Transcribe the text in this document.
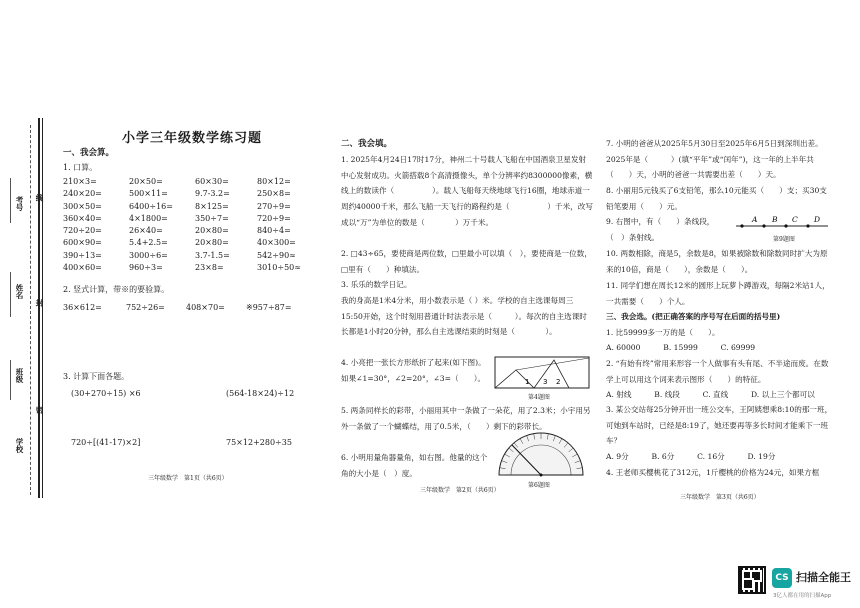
考号 线
姓名
封
班级
密
学校
小学三年级数学练习题
一、我会算。
1. 口算。
210×3=	20×50=	60×30=	80×12=
240×20=	500×11=	9.7-3.2=	250×8=
300×50=	6400÷16=	8×125=	270÷9=
360×40=	4×1800=	350÷7=	720÷9=
720÷20=	26×40=	20×80=	840÷4=
600×90=	5.4+2.5=	20×80=	40×300=
390÷13=	3000÷6=	3.7-1.5=	542÷90≈
400×60=	960÷3=	23×8=	3010÷50≈
2. 竖式计算，带※的要验算。
36×612=	752÷26=	408×70=	※957÷87=
3. 计算下面各题。
(30+270÷15) ×6	(564-18×24)÷12
720÷[(41-17)×2]	75×12+280÷35
三年级数学　第1页（共6页）
二、我会填。

1. 2025年4月24日17时17分，神州二十号载人飞船在中国酒泉卫星发射中心发射成功。火箭搭载8个高清摄像头，单个分辨率约8300000像素，横线上的数读作（　　　　　）。载人飞船每天绕地球飞行16圈，地球赤道一周约40000千米，那么飞船一天飞行的路程约是（　　　　　）千米，改写成以“万”为单位的数是（　　　　）万千米。

2. □43÷65，要使商是两位数，□里最小可以填（　），要使商是一位数，□里有（　　）种填法。

3. 乐乐的数学日记。

我的身高是1米4分米，用小数表示是（ ）米。学校的自主选课每周三15:50开始，这个时刻用普通计时法表示是（　　　）。每次的自主选课时长都是1小时20分钟，那么自主选课结束的时刻是（　　　　）。

4. 小亮把一张长方形纸折了起来(如下图)。如果∠1=30°，∠2=20°，∠3=（　　）。

5. 两条同样长的彩带，小丽用其中一条做了一朵花，用了2.3米；小宇用另外一条做了一个蝴蝶结，用了0.5米，（　　）剩下的彩带长。

6. 小明用量角器量角，如右图。他量的这个角的大小是（　）度。

1 3 2
第4题图
第6题图
三年级数学　第2页（共6页）

7. 小明的爸爸从2025年5月30日至2025年6月5日到深圳出差。2025年是（　　　）(填“平年”或“闰年”)，这一年的上半年共（　　）天，小明的爸爸一共需要出差（　　）天。

8. 小丽用5元钱买了6支铅笔，那么10元能买（　　）支；买30支铅笔要用（　　）元。

9. 右图中，有（　　）条线段，（　）条射线。

A B C D
第9题图

10. 两数相除，商是5，余数是8，如果被除数和除数同时扩大为原来的10倍，商是（　　），余数是（　　）。

11. 同学们想在周长12米的圆形上玩萝卜蹲游戏，每隔2米站1人，一共需要（　　）个人。

三、我会选。(把正确答案的序号写在后面的括号里)

1. 比59999多一万的是（　　）。

A. 60000　　　B. 15999　　　C. 69999

2. “有始有终”常用来形容一个人做事有头有尾、不半途而废。在数学上可以用这个词来表示图形（　　）的特征。

A. 射线　　　B. 线段　　　C. 直线　　　D. 以上三个都可以

3. 某公交站每25分钟开出一班公交车，王阿姨想乘8:10的那一班，可她到车站时，已经是8:19了，她还要再等多长时间才能乘下一班车？

A. 9分　　　B. 6分　　　C. 16分　　　D. 19分

4. 王老师买樱桃花了312元，1斤樱桃的价格为24元，如果方框

三年级数学　第3页（共6页）
CS 扫描全能王
3亿人都在用的扫描App
